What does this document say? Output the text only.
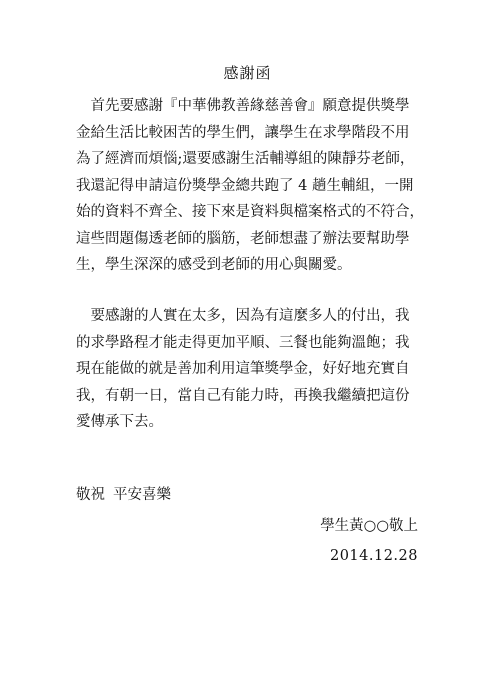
感謝函

　首先要感謝『中華佛教善緣慈善會』願意提供獎學
金給生活比較困苦的學生們，讓學生在求學階段不用
為了經濟而煩惱;還要感謝生活輔導組的陳靜芬老師，
我還記得申請這份獎學金總共跑了 4 趟生輔組，一開
始的資料不齊全、接下來是資料與檔案格式的不符合，
這些問題傷透老師的腦筋，老師想盡了辦法要幫助學
生，學生深深的感受到老師的用心與關愛。

　要感謝的人實在太多，因為有這麼多人的付出，我
的求學路程才能走得更加平順、三餐也能夠溫飽；我
現在能做的就是善加利用這筆獎學金，好好地充實自
我，有朝一日，當自己有能力時，再換我繼續把這份
愛傳承下去。

敬祝 平安喜樂
學生黃○○敬上
2014.12.28
